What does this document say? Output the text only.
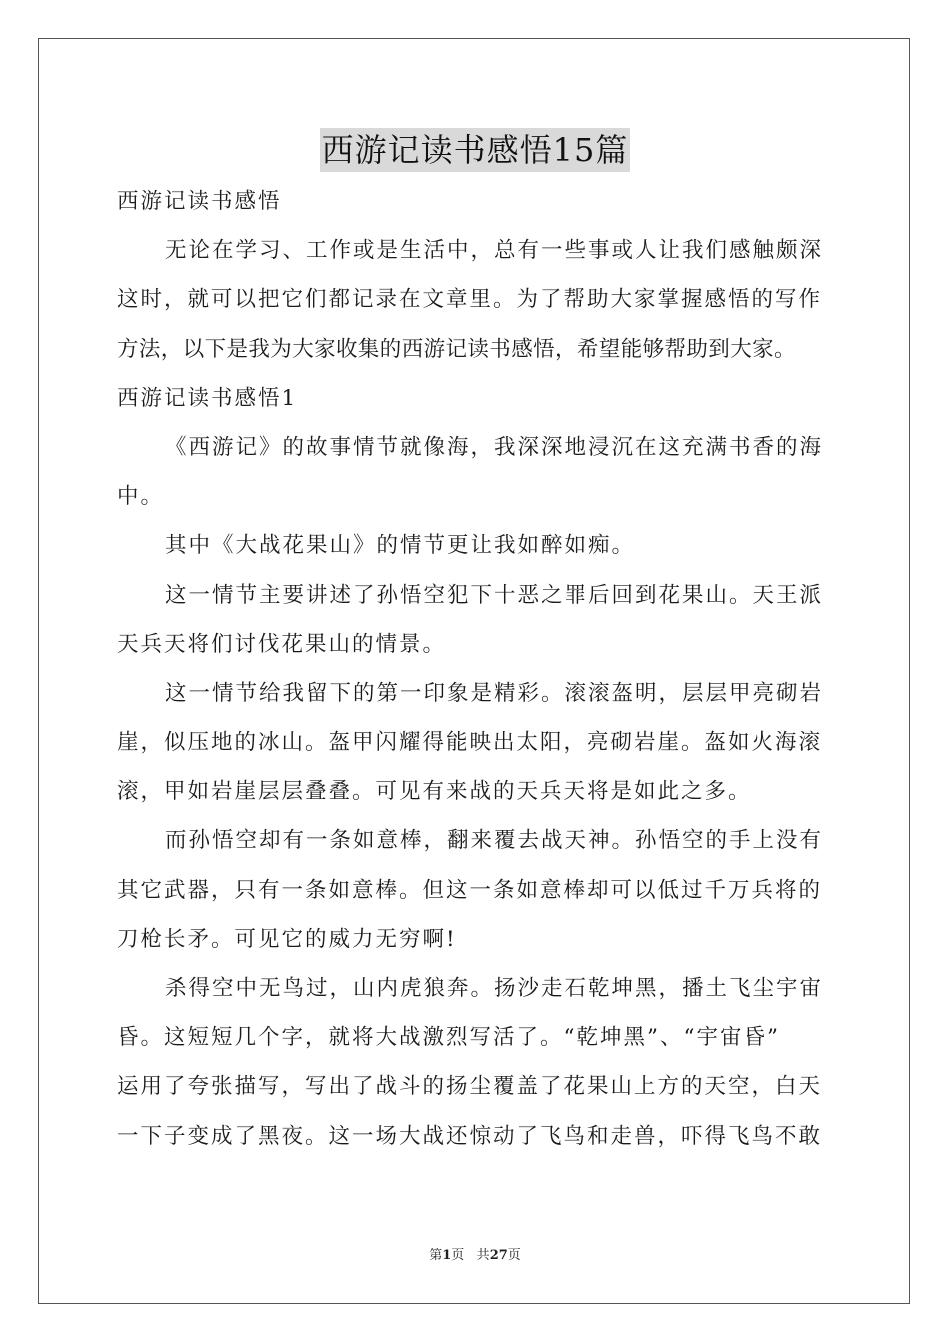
西游记读书感悟15篇
西游记读书感悟
无论在学习、工作或是生活中，总有一些事或人让我们感触颇深
这时，就可以把它们都记录在文章里。为了帮助大家掌握感悟的写作
方法，以下是我为大家收集的西游记读书感悟，希望能够帮助到大家。
西游记读书感悟1
《西游记》的故事情节就像海，我深深地浸沉在这充满书香的海
中。
其中《大战花果山》的情节更让我如醉如痴。
这一情节主要讲述了孙悟空犯下十恶之罪后回到花果山。天王派
天兵天将们讨伐花果山的情景。
这一情节给我留下的第一印象是精彩。滚滚盔明，层层甲亮砌岩
崖，似压地的冰山。盔甲闪耀得能映出太阳，亮砌岩崖。盔如火海滚
滚，甲如岩崖层层叠叠。可见有来战的天兵天将是如此之多。
而孙悟空却有一条如意棒，翻来覆去战天神。孙悟空的手上没有
其它武器，只有一条如意棒。但这一条如意棒却可以低过千万兵将的
刀枪长矛。可见它的威力无穷啊!
杀得空中无鸟过，山内虎狼奔。扬沙走石乾坤黑，播土飞尘宇宙
昏。这短短几个字，就将大战激烈写活了。“乾坤黑”、“宇宙昏”
运用了夸张描写，写出了战斗的扬尘覆盖了花果山上方的天空，白天
一下子变成了黑夜。这一场大战还惊动了飞鸟和走兽，吓得飞鸟不敢
第1页 共27页
